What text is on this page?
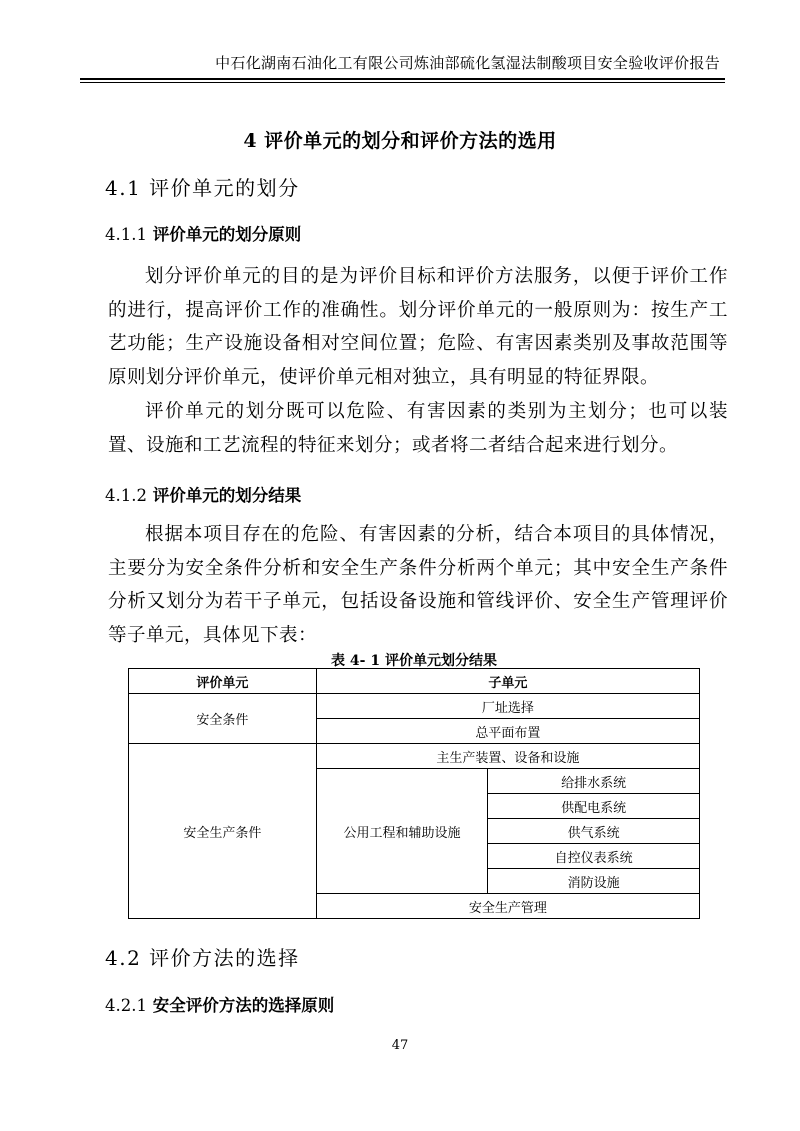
中石化湖南石油化工有限公司炼油部硫化氢湿法制酸项目安全验收评价报告
4 评价单元的划分和评价方法的选用
4.1 评价单元的划分
4.1.1 评价单元的划分原则
划分评价单元的目的是为评价目标和评价方法服务，以便于评价工作的进行，提高评价工作的准确性。划分评价单元的一般原则为：按生产工艺功能；生产设施设备相对空间位置；危险、有害因素类别及事故范围等原则划分评价单元，使评价单元相对独立，具有明显的特征界限。
评价单元的划分既可以危险、有害因素的类别为主划分；也可以装置、设施和工艺流程的特征来划分；或者将二者结合起来进行划分。
4.1.2 评价单元的划分结果
根据本项目存在的危险、有害因素的分析，结合本项目的具体情况，主要分为安全条件分析和安全生产条件分析两个单元；其中安全生产条件分析又划分为若干子单元，包括设备设施和管线评价、安全生产管理评价等子单元，具体见下表：
表 4- 1 评价单元划分结果
评价单元	子单元	
安全条件	厂址选择	
	总平面布置	
安全生产条件	主生产装置、设备和设施	
	公用工程和辅助设施	给排水系统
		供配电系统
		供气系统
		自控仪表系统
		消防设施
	安全生产管理	
4.2 评价方法的选择
4.2.1 安全评价方法的选择原则
47
